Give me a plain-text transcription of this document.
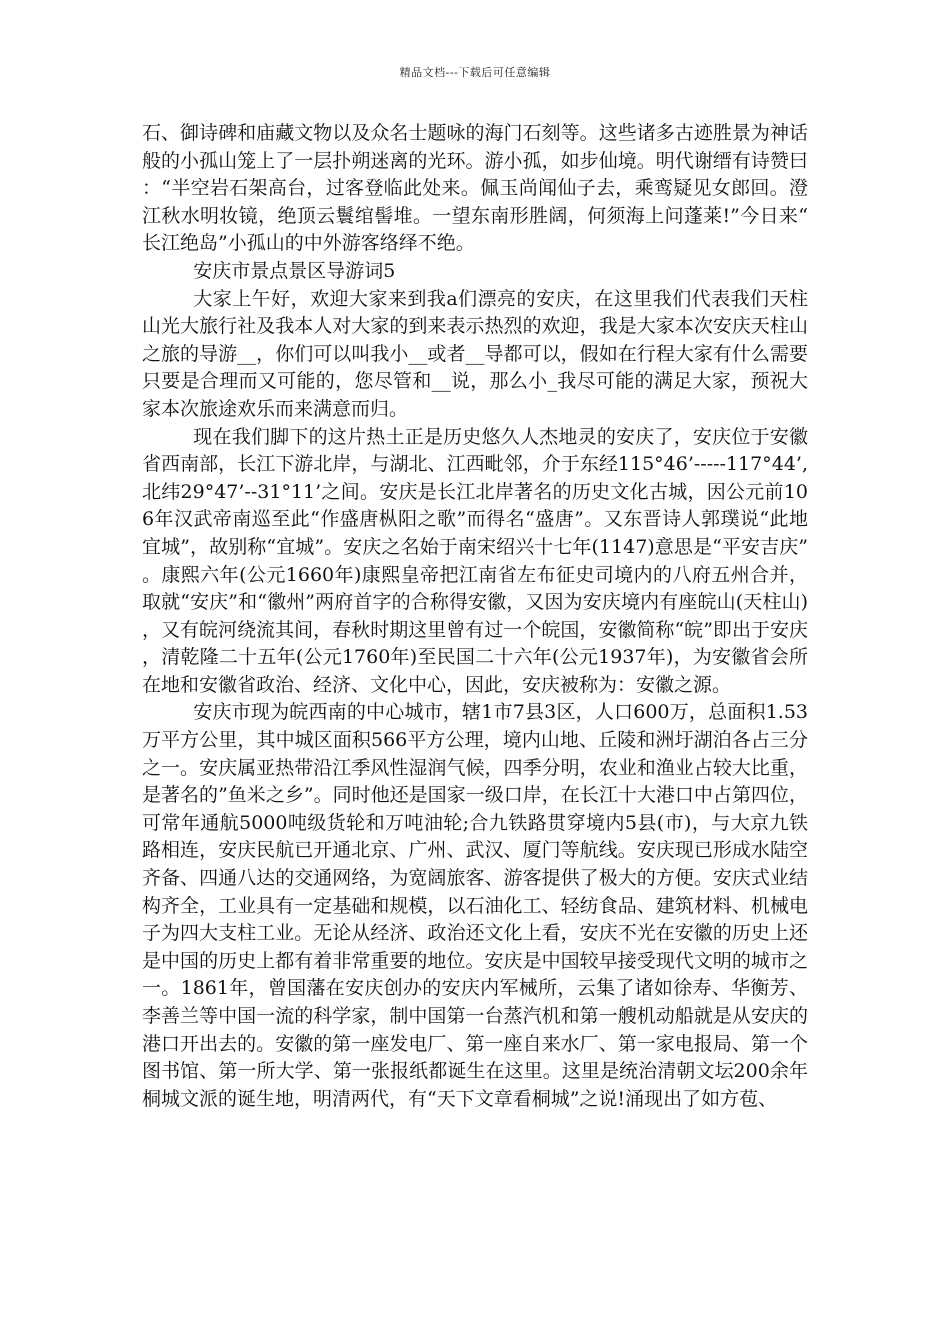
精品文档---下载后可任意编辑

石、御诗碑和庙藏文物以及众名士题咏的海门石刻等。这些诸多古迹胜景为神话般的小孤山笼上了一层扑朔迷离的光环。游小孤，如步仙境。明代谢缙有诗赞曰：“半空岩石架高台，过客登临此处来。佩玉尚闻仙子去，乘鸾疑见女郎回。澄江秋水明妆镜，绝顶云鬟绾髻堆。一望东南形胜阔，何须海上问蓬莱!”今日来“长江绝岛”小孤山的中外游客络绎不绝。

安庆市景点景区导游词5

大家上午好，欢迎大家来到我a们漂亮的安庆，在这里我们代表我们天柱山光大旅行社及我本人对大家的到来表示热烈的欢迎，我是大家本次安庆天柱山之旅的导游__，你们可以叫我小__或者__导都可以，假如在行程大家有什么需要只要是合理而又可能的，您尽管和__说，那么小_我尽可能的满足大家，预祝大家本次旅途欢乐而来满意而归。

现在我们脚下的这片热土正是历史悠久人杰地灵的安庆了，安庆位于安徽省西南部，长江下游北岸，与湖北、江西毗邻，介于东经115°46’-----117°44’,北纬29°47’--31°11’之间。安庆是长江北岸著名的历史文化古城，因公元前106年汉武帝南巡至此“作盛唐枞阳之歌”而得名“盛唐”。又东晋诗人郭璞说“此地宜城”，故别称“宜城”。安庆之名始于南宋绍兴十七年(1147)意思是“平安吉庆”。康熙六年(公元1660年)康熙皇帝把江南省左布征史司境内的八府五州合并，取就“安庆”和“徽州”两府首字的合称得安徽，又因为安庆境内有座皖山(天柱山)，又有皖河绕流其间，春秋时期这里曾有过一个皖国，安徽简称“皖”即出于安庆，清乾隆二十五年(公元1760年)至民国二十六年(公元1937年)，为安徽省会所在地和安徽省政治、经济、文化中心，因此，安庆被称为：安徽之源。

安庆市现为皖西南的中心城市，辖1市7县3区，人口600万，总面积1.53万平方公里，其中城区面积566平方公理，境内山地、丘陵和洲圩湖泊各占三分之一。安庆属亚热带沿江季风性湿润气候，四季分明，农业和渔业占较大比重，是著名的”鱼米之乡”。同时他还是国家一级口岸，在长江十大港口中占第四位，可常年通航5000吨级货轮和万吨油轮;合九铁路贯穿境内5县(市)，与大京九铁路相连，安庆民航已开通北京、广州、武汉、厦门等航线。安庆现已形成水陆空齐备、四通八达的交通网络，为宽阔旅客、游客提供了极大的方便。安庆式业结构齐全，工业具有一定基础和规模，以石油化工、轻纺食品、建筑材料、机械电子为四大支柱工业。无论从经济、政治还文化上看，安庆不光在安徽的历史上还是中国的历史上都有着非常重要的地位。安庆是中国较早接受现代文明的城市之一。1861年，曾国藩在安庆创办的安庆内军械所，云集了诸如徐寿、华衡芳、李善兰等中国一流的科学家，制中国第一台蒸汽机和第一艘机动船就是从安庆的港口开出去的。安徽的第一座发电厂、第一座自来水厂、第一家电报局、第一个图书馆、第一所大学、第一张报纸都诞生在这里。这里是统治清朝文坛200余年桐城文派的诞生地，明清两代，有“天下文章看桐城”之说!涌现出了如方苞、
